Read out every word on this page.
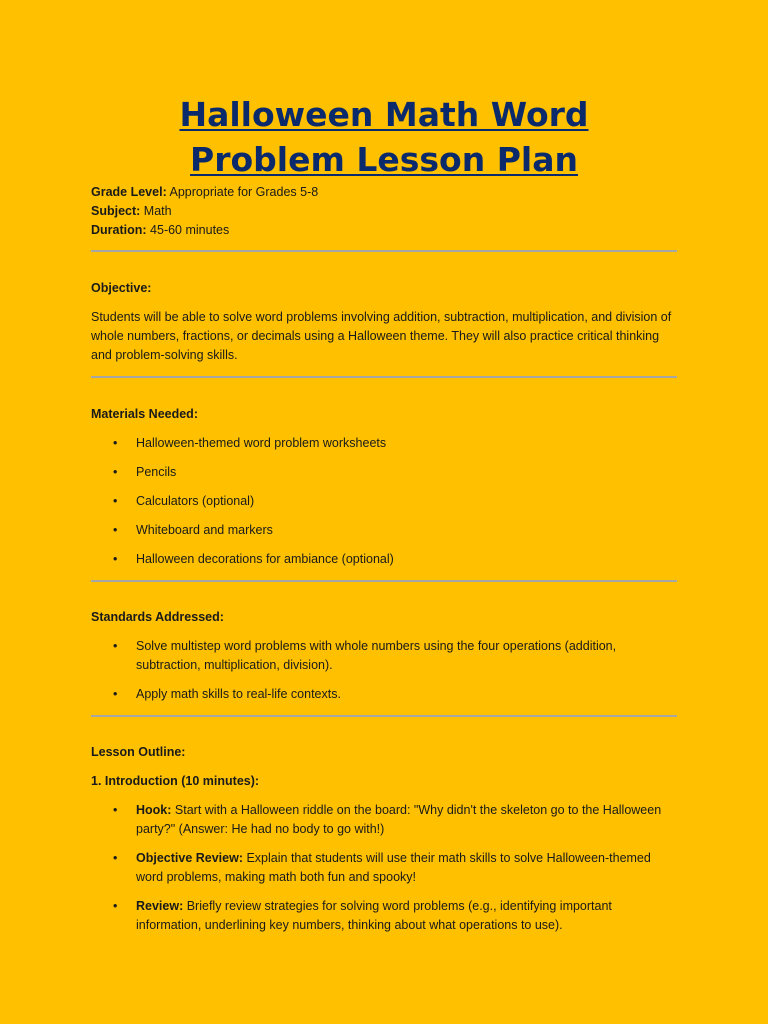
Halloween Math Word
Problem Lesson Plan
Grade Level: Appropriate for Grades 5-8
Subject: Math
Duration: 45-60 minutes
Objective:

Students will be able to solve word problems involving addition, subtraction, multiplication, and division of whole numbers, fractions, or decimals using a Halloween theme. They will also practice critical thinking and problem-solving skills.

Materials Needed:
• Halloween-themed word problem worksheets
• Pencils
• Calculators (optional)
• Whiteboard and markers
• Halloween decorations for ambiance (optional)
Standards Addressed:
• Solve multistep word problems with whole numbers using the four operations (addition, subtraction, multiplication, division).
• Apply math skills to real-life contexts.
Lesson Outline:
1. Introduction (10 minutes):
• Hook: Start with a Halloween riddle on the board: "Why didn't the skeleton go to the Halloween party?" (Answer: He had no body to go with!)
• Objective Review: Explain that students will use their math skills to solve Halloween-themed word problems, making math both fun and spooky!
• Review: Briefly review strategies for solving word problems (e.g., identifying important information, underlining key numbers, thinking about what operations to use).
